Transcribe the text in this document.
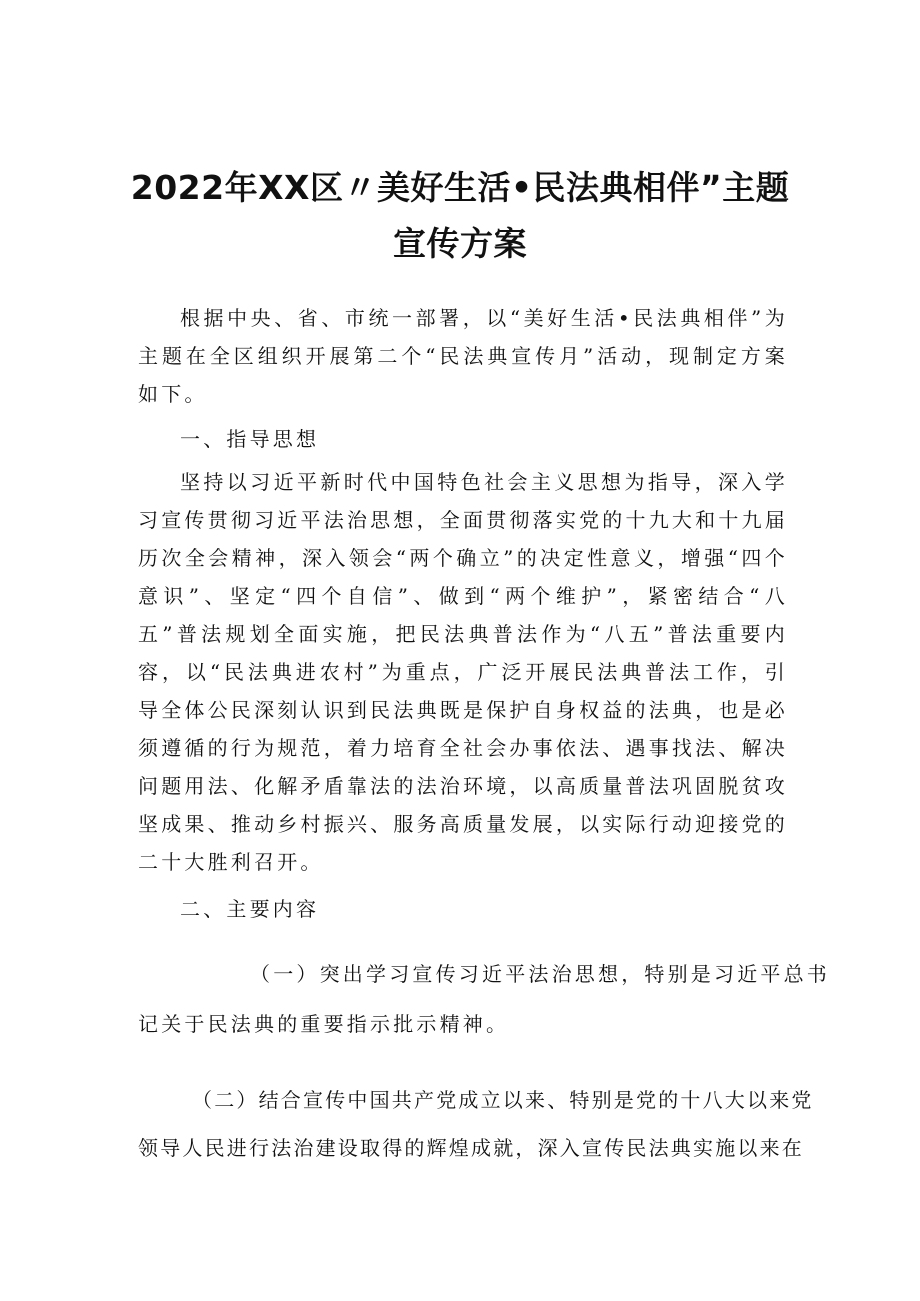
2022年XX区〃美好生活•民法典相伴”主题
宣传方案

根据中央、省、市统一部署，以“美好生活•民法典相伴”为主题在全区组织开展第二个“民法典宣传月”活动，现制定方案如下。

一、指导思想

坚持以习近平新时代中国特色社会主义思想为指导，深入学习宣传贯彻习近平法治思想，全面贯彻落实党的十九大和十九届历次全会精神，深入领会“两个确立”的决定性意义，增强“四个意识”、坚定“四个自信”、做到“两个维护”，紧密结合“八五”普法规划全面实施，把民法典普法作为“八五”普法重要内容，以“民法典进农村”为重点，广泛开展民法典普法工作，引导全体公民深刻认识到民法典既是保护自身权益的法典，也是必须遵循的行为规范，着力培育全社会办事依法、遇事找法、解决问题用法、化解矛盾靠法的法治环境，以高质量普法巩固脱贫攻坚成果、推动乡村振兴、服务高质量发展，以实际行动迎接党的二十大胜利召开。

二、主要内容

（一）突出学习宣传习近平法治思想，特别是习近平总书

记关于民法典的重要指示批示精神。

（二）结合宣传中国共产党成立以来、特别是党的十八大以来党

领导人民进行法治建设取得的辉煌成就，深入宣传民法典实施以来在
